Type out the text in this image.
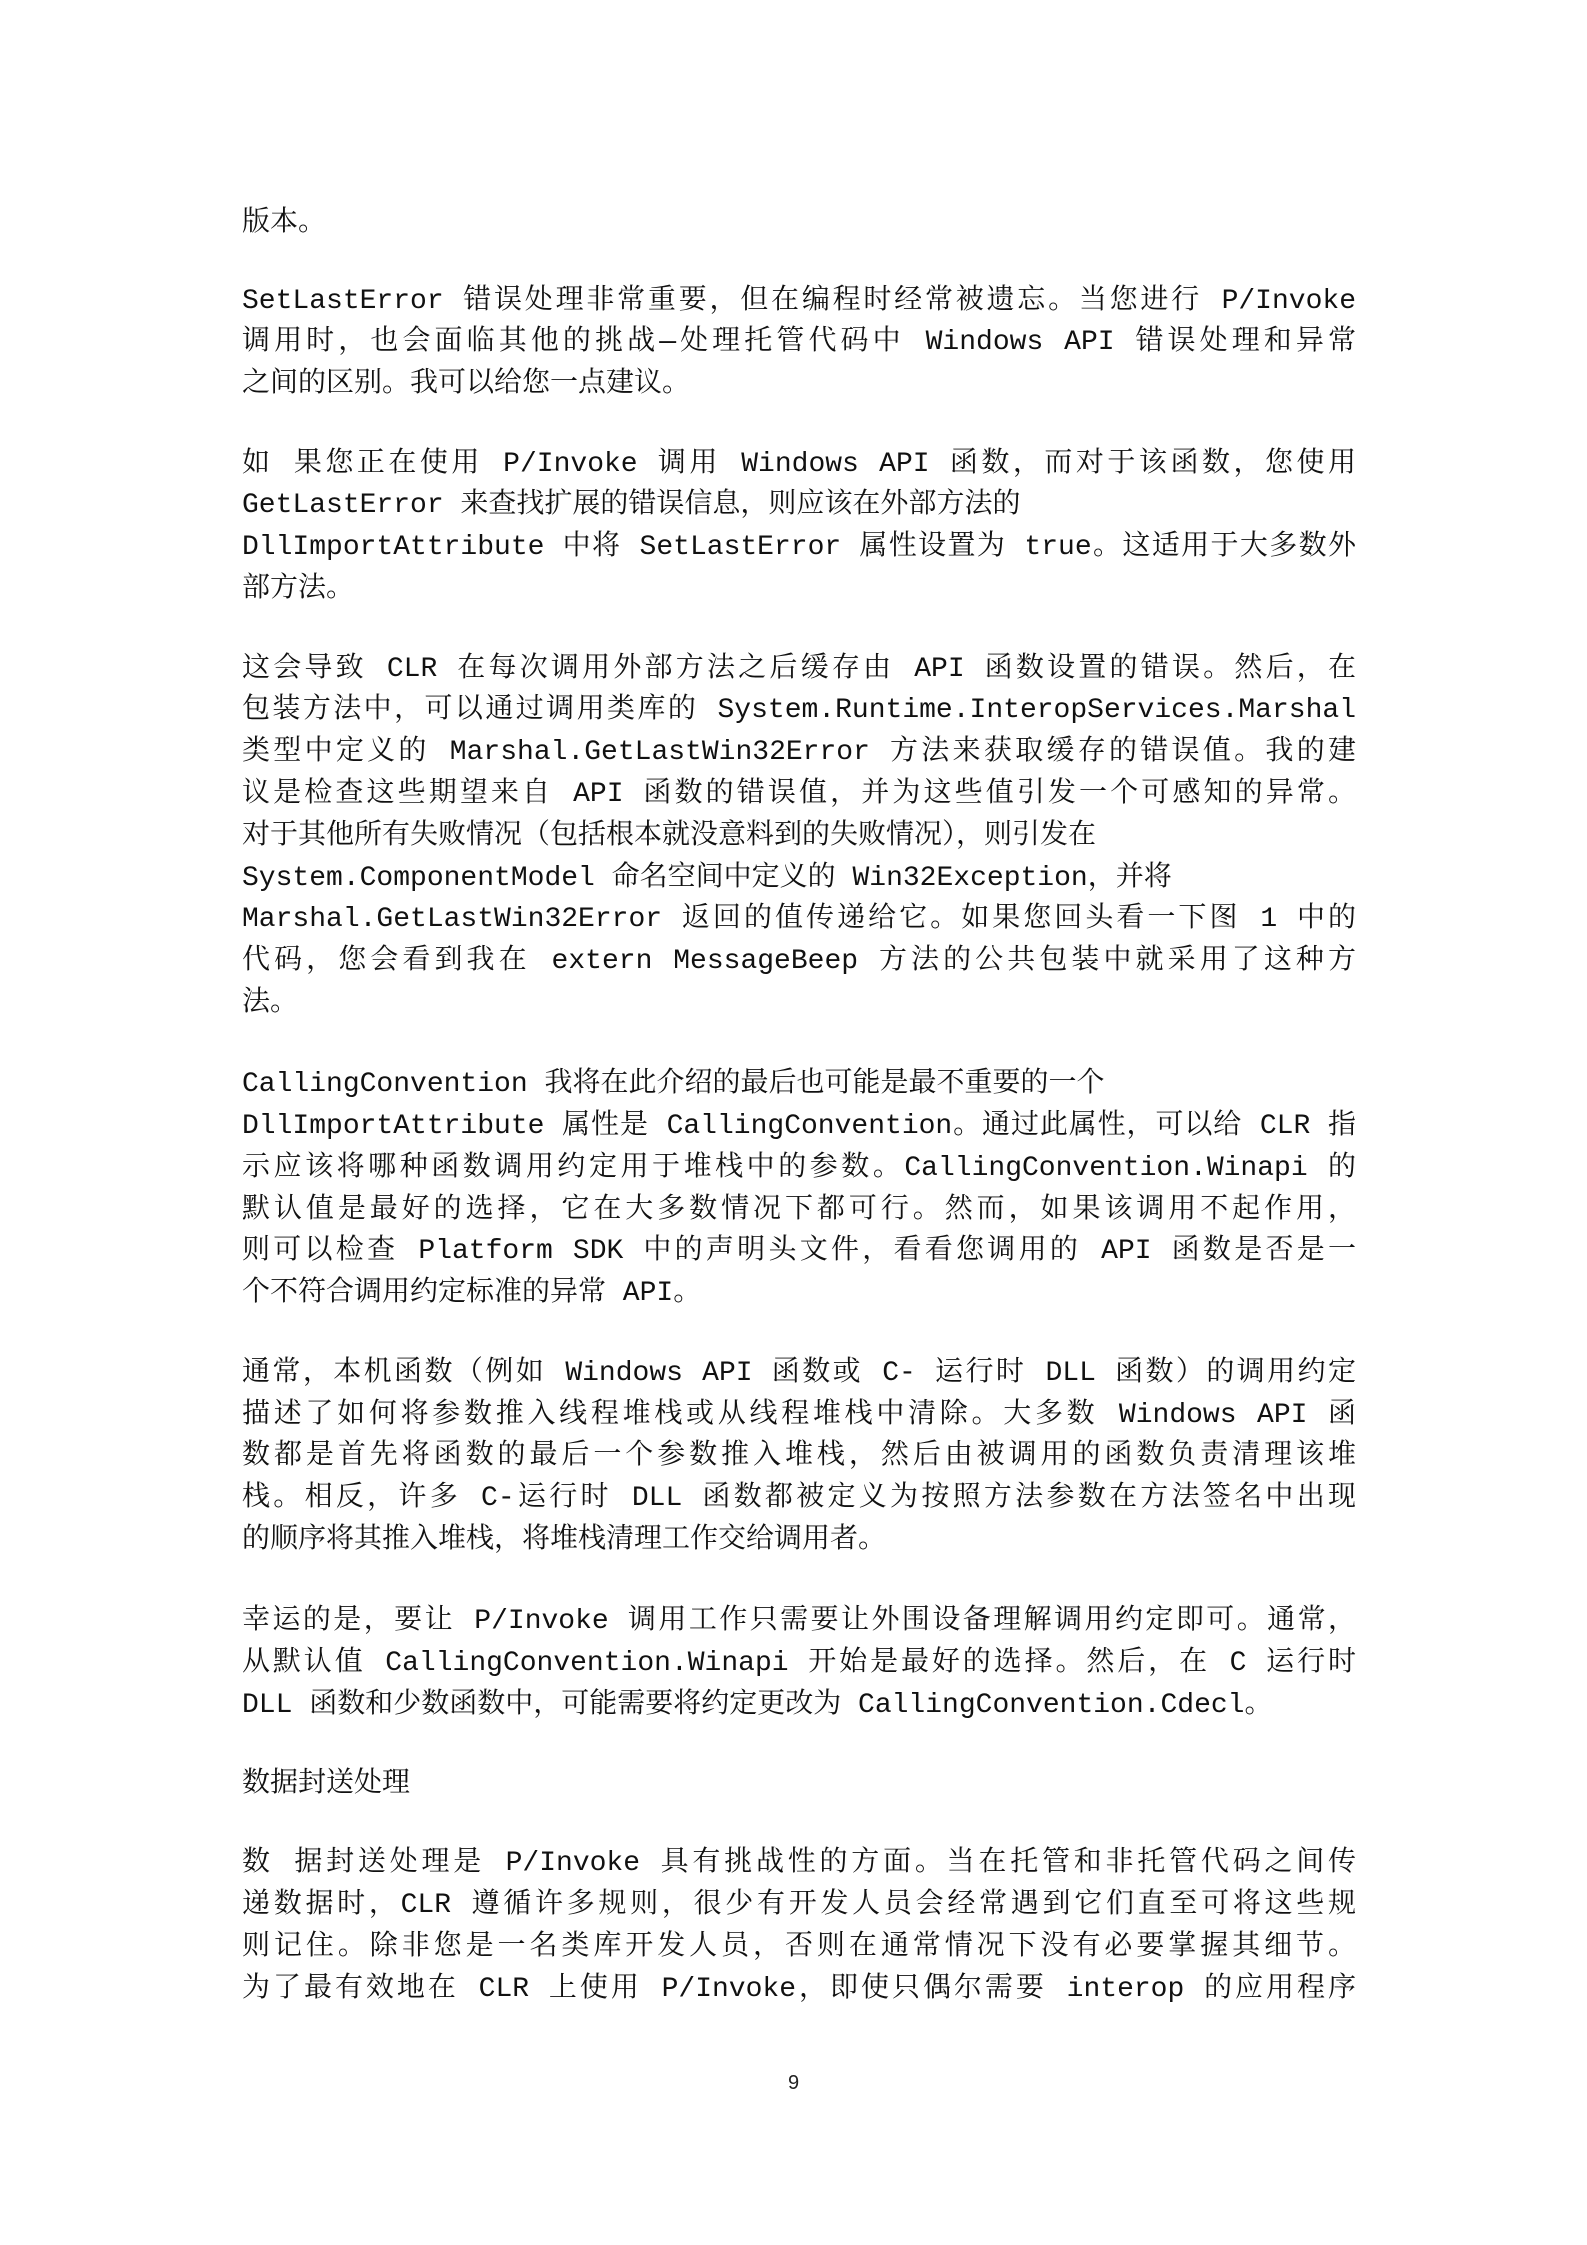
版本。
SetLastError 错误处理非常重要，但在编程时经常被遗忘。当您进行 P/Invoke
调用时，也会面临其他的挑战—处理托管代码中 Windows API 错误处理和异常
之间的区别。我可以给您一点建议。
如 果您正在使用 P/Invoke 调用 Windows API 函数，而对于该函数，您使用
GetLastError 来查找扩展的错误信息，则应该在外部方法的
DllImportAttribute 中将 SetLastError 属性设置为 true。这适用于大多数外
部方法。
这会导致 CLR 在每次调用外部方法之后缓存由 API 函数设置的错误。然后，在
包装方法中，可以通过调用类库的 System.Runtime.InteropServices.Marshal
类型中定义的 Marshal.GetLastWin32Error 方法来获取缓存的错误值。我的建
议是检查这些期望来自 API 函数的错误值，并为这些值引发一个可感知的异常。
对于其他所有失败情况（包括根本就没意料到的失败情况），则引发在
System.ComponentModel 命名空间中定义的 Win32Exception，并将
Marshal.GetLastWin32Error 返回的值传递给它。如果您回头看一下图 1 中的
代码，您会看到我在 extern MessageBeep 方法的公共包装中就采用了这种方
法。
CallingConvention 我将在此介绍的最后也可能是最不重要的一个
DllImportAttribute 属性是 CallingConvention。通过此属性，可以给 CLR 指
示应该将哪种函数调用约定用于堆栈中的参数。CallingConvention.Winapi 的
默认值是最好的选择，它在大多数情况下都可行。然而，如果该调用不起作用，
则可以检查 Platform SDK 中的声明头文件，看看您调用的 API 函数是否是一
个不符合调用约定标准的异常 API。
通常，本机函数（例如 Windows API 函数或 C- 运行时 DLL 函数）的调用约定
描述了如何将参数推入线程堆栈或从线程堆栈中清除。大多数 Windows API 函
数都是首先将函数的最后一个参数推入堆栈，然后由被调用的函数负责清理该堆
栈。相反，许多 C-运行时 DLL 函数都被定义为按照方法参数在方法签名中出现
的顺序将其推入堆栈，将堆栈清理工作交给调用者。
幸运的是，要让 P/Invoke 调用工作只需要让外围设备理解调用约定即可。通常，
从默认值 CallingConvention.Winapi 开始是最好的选择。然后，在 C 运行时
DLL 函数和少数函数中，可能需要将约定更改为 CallingConvention.Cdecl。
数据封送处理
数 据封送处理是 P/Invoke 具有挑战性的方面。当在托管和非托管代码之间传
递数据时，CLR 遵循许多规则，很少有开发人员会经常遇到它们直至可将这些规
则记住。除非您是一名类库开发人员，否则在通常情况下没有必要掌握其细节。
为了最有效地在 CLR 上使用 P/Invoke，即使只偶尔需要 interop 的应用程序
9
